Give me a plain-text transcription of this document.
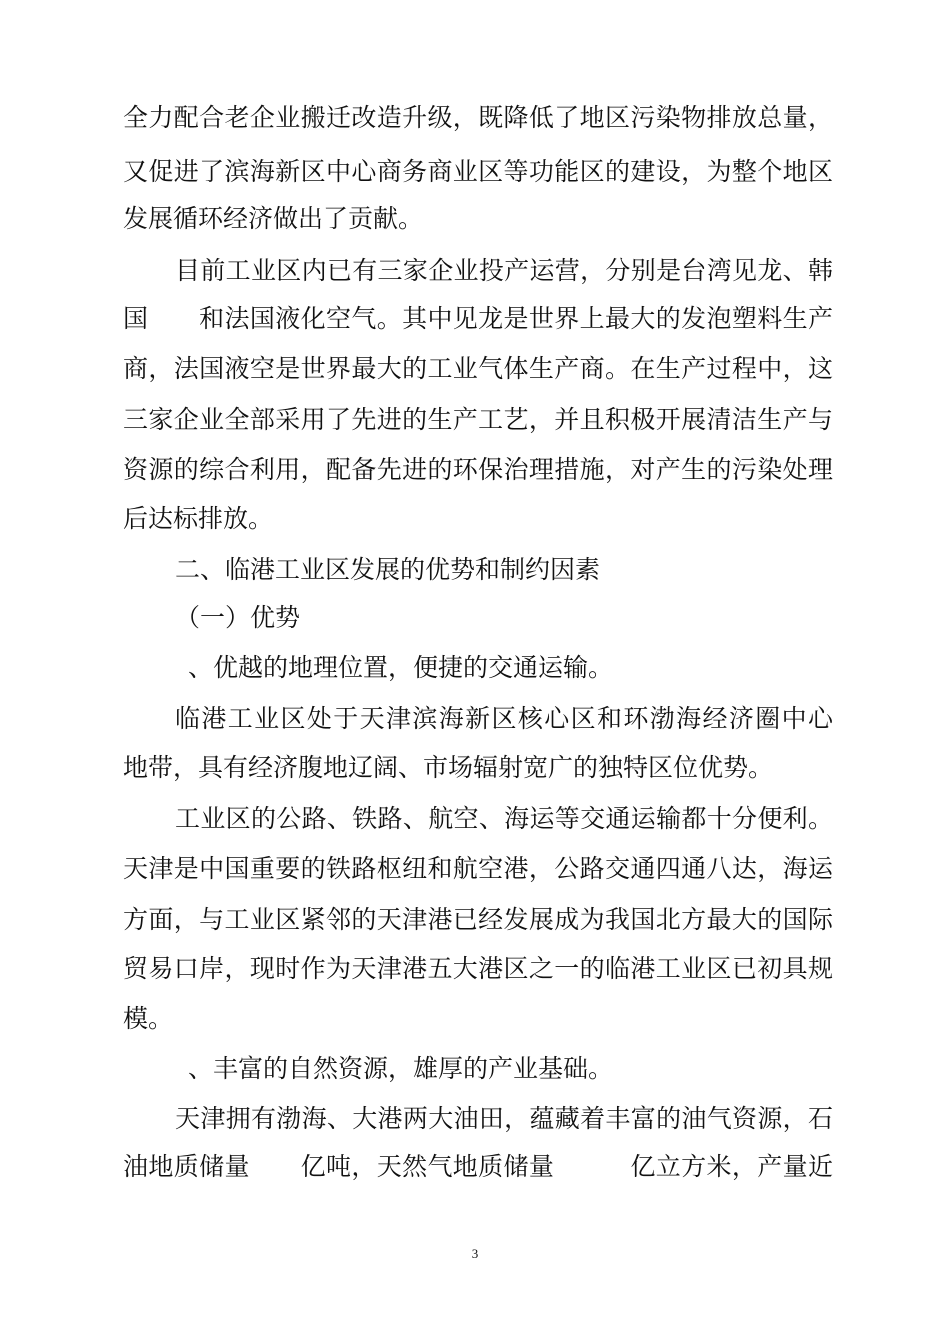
全力配合老企业搬迁改造升级，既降低了地区污染物排放总量，
又促进了滨海新区中心商务商业区等功能区的建设，为整个地区
发展循环经济做出了贡献。
目前工业区内已有三家企业投产运营，分别是台湾见龙、韩
国　　和法国液化空气。其中见龙是世界上最大的发泡塑料生产
商，法国液空是世界最大的工业气体生产商。在生产过程中，这
三家企业全部采用了先进的生产工艺，并且积极开展清洁生产与
资源的综合利用，配备先进的环保治理措施，对产生的污染处理
后达标排放。
二、临港工业区发展的优势和制约因素
（一）优势
、优越的地理位置，便捷的交通运输。
临港工业区处于天津滨海新区核心区和环渤海经济圈中心
地带，具有经济腹地辽阔、市场辐射宽广的独特区位优势。
工业区的公路、铁路、航空、海运等交通运输都十分便利。
天津是中国重要的铁路枢纽和航空港，公路交通四通八达，海运
方面，与工业区紧邻的天津港已经发展成为我国北方最大的国际
贸易口岸，现时作为天津港五大港区之一的临港工业区已初具规
模。
、丰富的自然资源，雄厚的产业基础。
天津拥有渤海、大港两大油田，蕴藏着丰富的油气资源，石
油地质储量　　亿吨，天然气地质储量　　　亿立方米，产量近
3
